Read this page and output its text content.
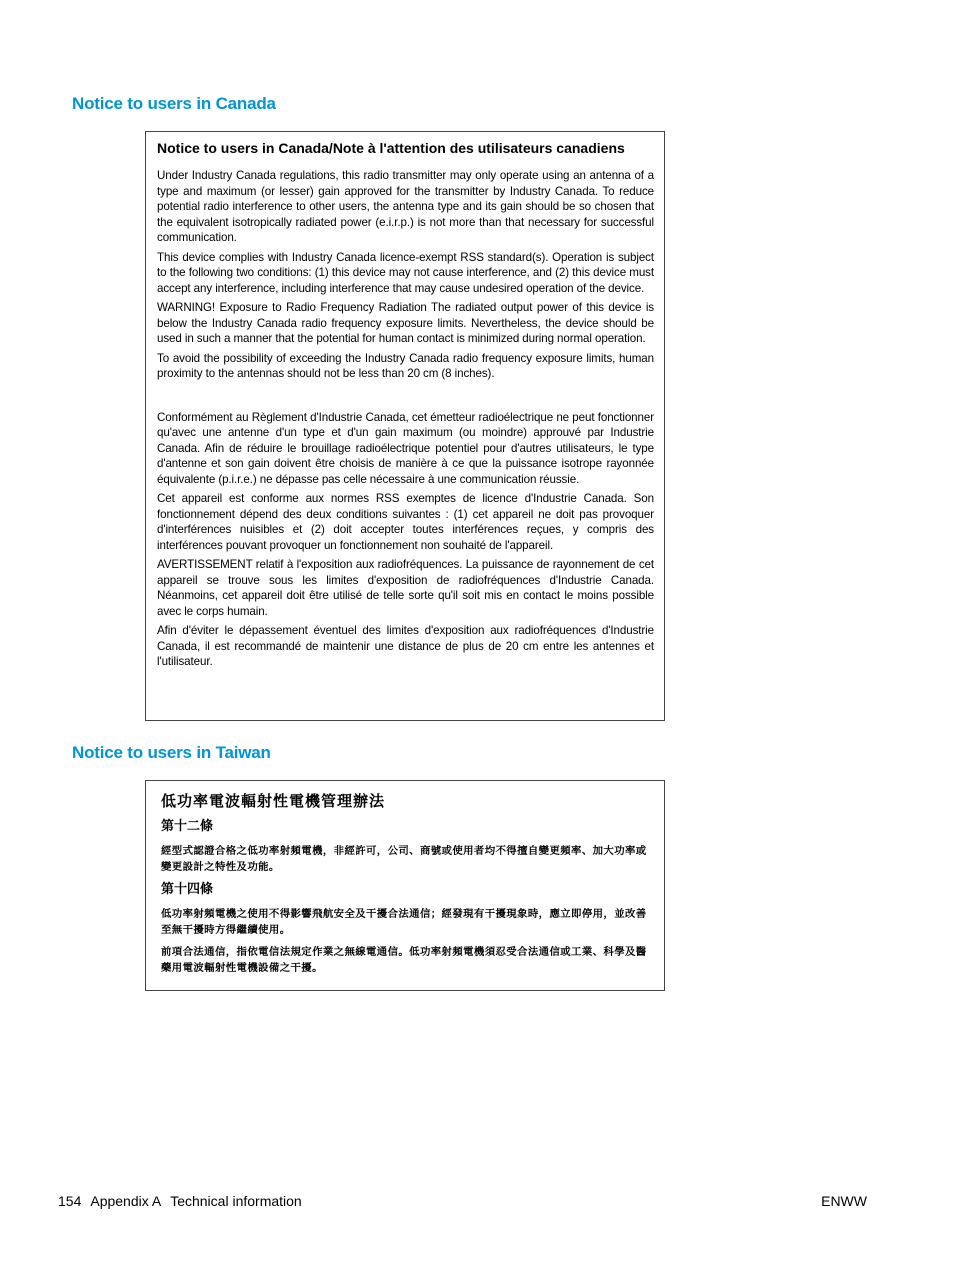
Notice to users in Canada

Notice to users in Canada/Note à l'attention des utilisateurs canadiens

Under Industry Canada regulations, this radio transmitter may only operate using an antenna of a type and maximum (or lesser) gain approved for the transmitter by Industry Canada. To reduce potential radio interference to other users, the antenna type and its gain should be so chosen that the equivalent isotropically radiated power (e.i.r.p.) is not more than that necessary for successful communication.

This device complies with Industry Canada licence-exempt RSS standard(s). Operation is subject to the following two conditions: (1) this device may not cause interference, and (2) this device must accept any interference, including interference that may cause undesired operation of the device.

WARNING! Exposure to Radio Frequency Radiation The radiated output power of this device is below the Industry Canada radio frequency exposure limits. Nevertheless, the device should be used in such a manner that the potential for human contact is minimized during normal operation.

To avoid the possibility of exceeding the Industry Canada radio frequency exposure limits, human proximity to the antennas should not be less than 20 cm (8 inches).

Conformément au Règlement d'Industrie Canada, cet émetteur radioélectrique ne peut fonctionner qu'avec une antenne d'un type et d'un gain maximum (ou moindre) approuvé par Industrie Canada. Afin de réduire le brouillage radioélectrique potentiel pour d'autres utilisateurs, le type d'antenne et son gain doivent être choisis de manière à ce que la puissance isotrope rayonnée équivalente (p.i.r.e.) ne dépasse pas celle nécessaire à une communication réussie.

Cet appareil est conforme aux normes RSS exemptes de licence d'Industrie Canada. Son fonctionnement dépend des deux conditions suivantes : (1) cet appareil ne doit pas provoquer d'interférences nuisibles et (2) doit accepter toutes interférences reçues, y compris des interférences pouvant provoquer un fonctionnement non souhaité de l'appareil.

AVERTISSEMENT relatif à l'exposition aux radiofréquences. La puissance de rayonnement de cet appareil se trouve sous les limites d'exposition de radiofréquences d'Industrie Canada. Néanmoins, cet appareil doit être utilisé de telle sorte qu'il soit mis en contact le moins possible avec le corps humain.

Afin d'éviter le dépassement éventuel des limites d'exposition aux radiofréquences d'Industrie Canada, il est recommandé de maintenir une distance de plus de 20 cm entre les antennes et l'utilisateur.

Notice to users in Taiwan

低功率電波輻射性電機管理辦法

第十二條

經型式認證合格之低功率射頻電機，非經許可，公司、商號或使用者均不得擅自變更頻率、加大功率或變更設計之特性及功能。

第十四條

低功率射頻電機之使用不得影響飛航安全及干擾合法通信；經發現有干擾現象時，應立即停用，並改善至無干擾時方得繼續使用。

前項合法通信，指依電信法規定作業之無線電通信。低功率射頻電機須忍受合法通信或工業、科學及醫藥用電波輻射性電機設備之干擾。

154 Appendix A Technical information	ENWW
